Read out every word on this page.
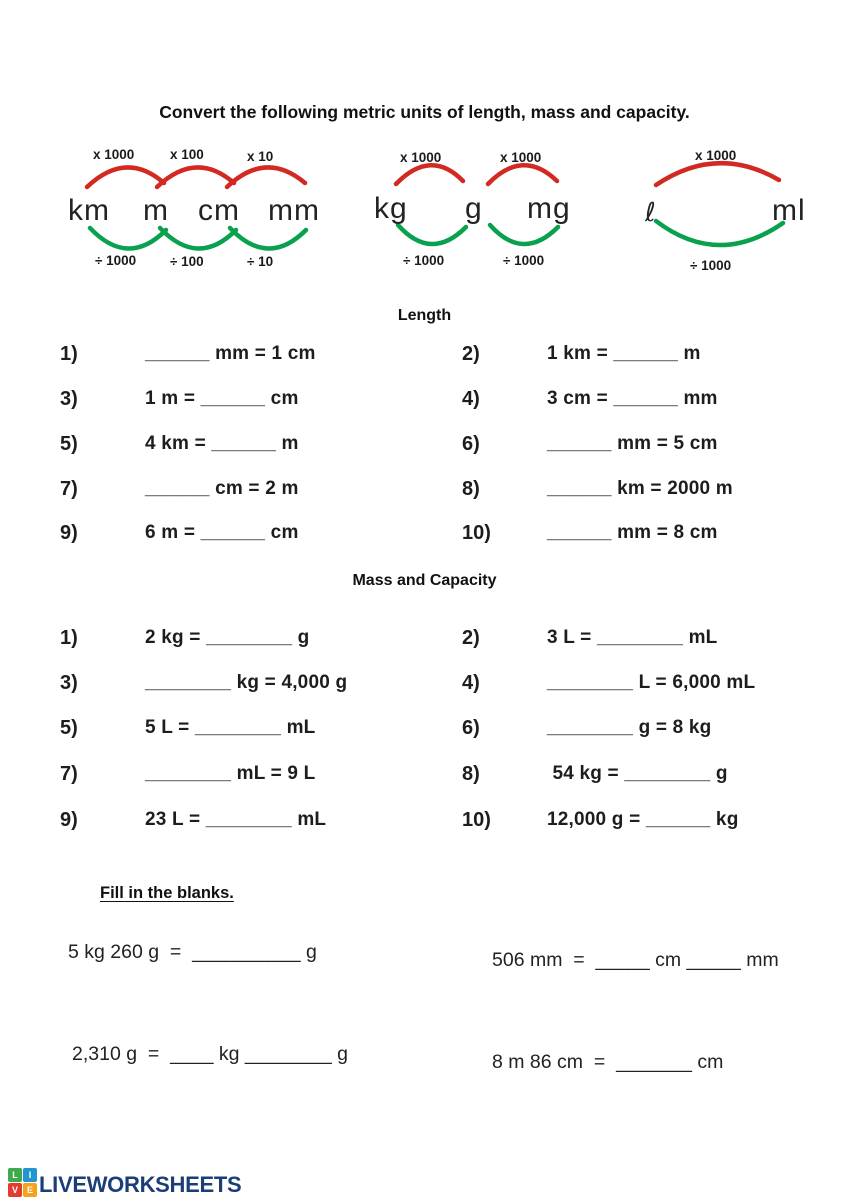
Convert the following metric units of length, mass and capacity.
x 1000	x 100	x 10
km m cm mm
÷ 1000	÷ 100	÷ 10
x 1000	x 1000
kg g mg
÷ 1000	÷ 1000
x 1000
ℓ	ml
÷ 1000
Length
1)	______ mm = 1 cm	2)	1 km = ______ m
3)	1 m = ______ cm	4)	3 cm = ______ mm
5)	4 km = ______ m	6)	______ mm = 5 cm
7)	______ cm = 2 m	8)	______ km = 2000 m
9)	6 m = ______ cm	10)	______ mm = 8 cm
Mass and Capacity
1)	2 kg = ________ g	2)	3 L = ________ mL
3)	________ kg = 4,000 g	4)	________ L = 6,000 mL
5)	5 L = ________ mL	6)	________ g = 8 kg
7)	________ mL = 9 L	8)	54 kg = ________ g
9)	23 L = ________ mL	10)	12,000 g = ______ kg
Fill in the blanks.
5 kg 260 g  =  __________ g	506 mm  =  _____ cm _____ mm
2,310 g  =  ____ kg ________ g	8 m 86 cm  =  _______ cm
L	I
V E LIVEWORKSHEETS
